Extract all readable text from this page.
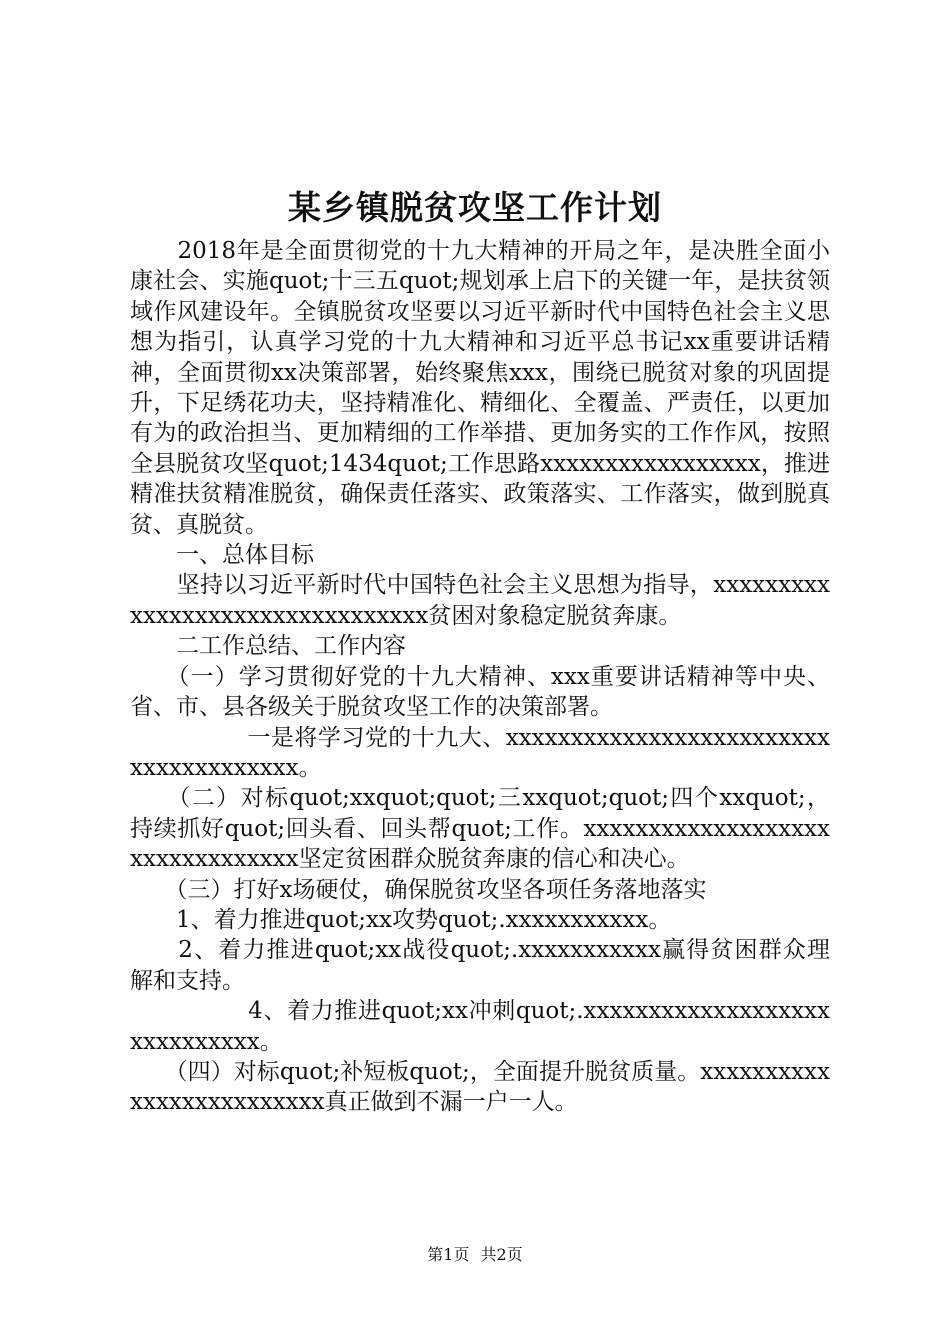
某乡镇脱贫攻坚工作计划

　　2018年是全面贯彻党的十九大精神的开局之年，是决胜全面小康社会、实施quot;十三五quot;规划承上启下的关键一年，是扶贫领域作风建设年。全镇脱贫攻坚要以习近平新时代中国特色社会主义思想为指引，认真学习党的十九大精神和习近平总书记xx重要讲话精神，全面贯彻xx决策部署，始终聚焦xxx，围绕已脱贫对象的巩固提升，下足绣花功夫，坚持精准化、精细化、全覆盖、严责任，以更加有为的政治担当、更加精细的工作举措、更加务实的工作作风，按照全县脱贫攻坚quot;1434quot;工作思路xxxxxxxxxxxxxxxxx，推进精准扶贫精准脱贫，确保责任落实、政策落实、工作落实，做到脱真贫、真脱贫。

　　一、总体目标

　　坚持以习近平新时代中国特色社会主义思想为指导，xxxxxxxxxxxxxxxxxxxxxxxxxxxxxxxx贫困对象稳定脱贫奔康。

　　二工作总结、工作内容

　　（一）学习贯彻好党的十九大精神、xxx重要讲话精神等中央、省、市、县各级关于脱贫攻坚工作的决策部署。

　　　　　一是将学习党的十九大、xxxxxxxxxxxxxxxxxxxxxxxxxxxxxxxxxxxxxx。

　　（二）对标quot;xxquot;quot;三xxquot;quot;四个xxquot;，持续抓好quot;回头看、回头帮quot;工作。xxxxxxxxxxxxxxxxxxxxxxxxxxxxxxxx坚定贫困群众脱贫奔康的信心和决心。

　　（三）打好x场硬仗，确保脱贫攻坚各项任务落地落实

　　1、着力推进quot;xx攻势quot;.xxxxxxxxxxx。

　　2、着力推进quot;xx战役quot;.xxxxxxxxxxx赢得贫困群众理解和支持。

　　　　　4、着力推进quot;xx冲刺quot;.xxxxxxxxxxxxxxxxxxxxxxxxxxxxx。

　　（四）对标quot;补短板quot;，全面提升脱贫质量。xxxxxxxxxxxxxxxxxxxxxxxxx真正做到不漏一户一人。

第1页 共2页
